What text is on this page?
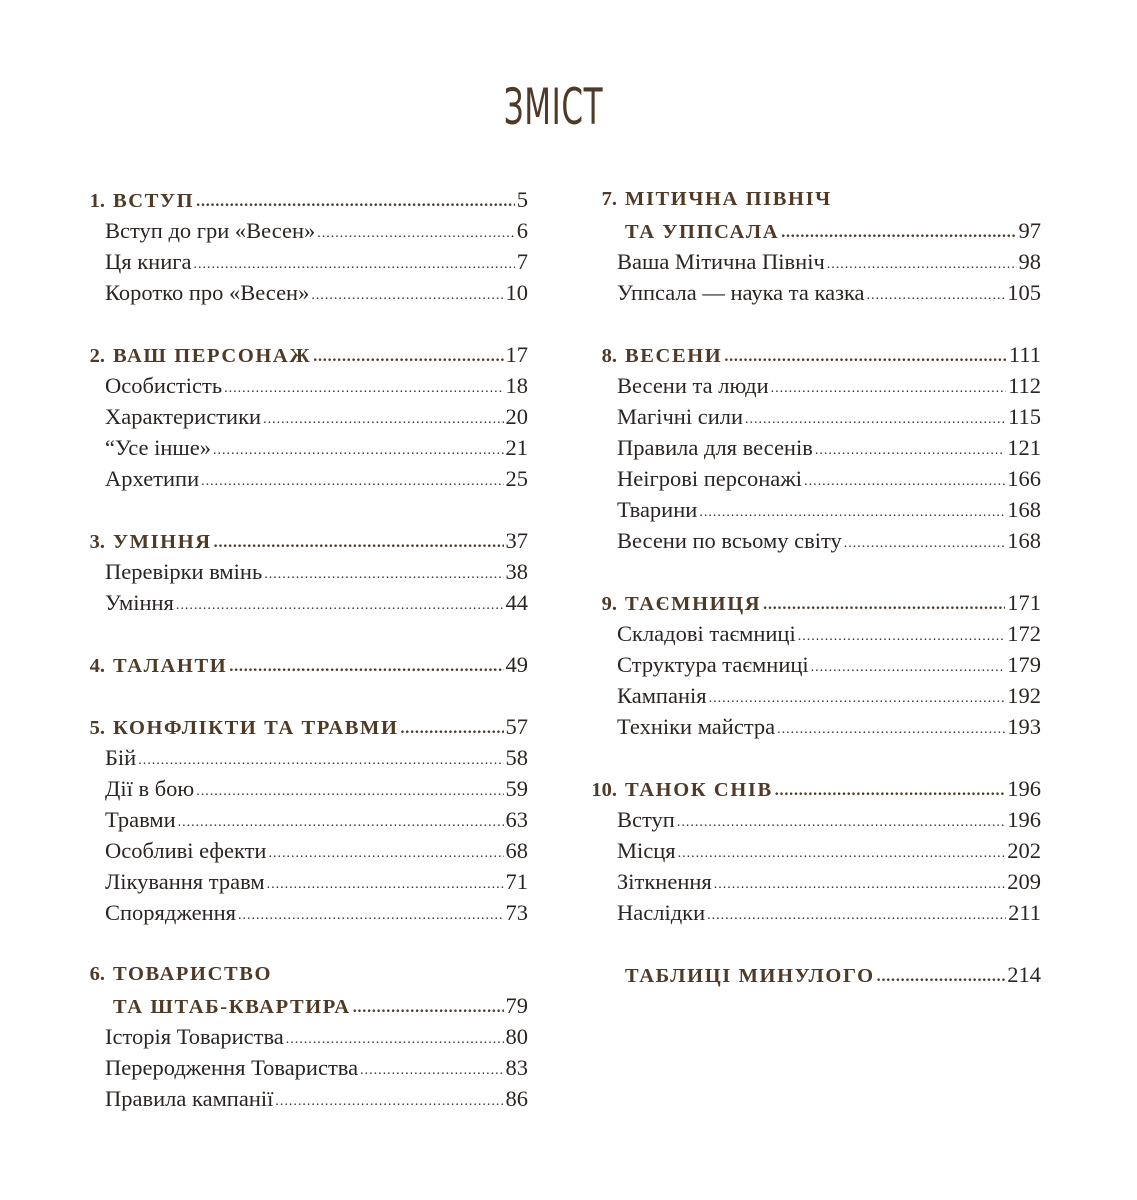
ЗМІСТ
1. ВСТУП .....	5
Вступ до гри «Весен» .....	6
Ця книга .....	7
Коротко про «Весен» .....	10
2. ВАШ ПЕРСОНАЖ .....	17
Особистість .....	18
Характеристики .....	20
“Усе інше» .....	21
Архетипи .....	25
3. УМІННЯ .....	37
Перевірки вмінь .....	38
Уміння .....	44
4. ТАЛАНТИ .....	49
5. КОНФЛІКТИ ТА ТРАВМИ .....	57
Бій .....	58
Дії в бою .....	59
Травми .....	63
Особливі ефекти .....	68
Лікування травм .....	71
Спорядження .....	73
6. ТОВАРИСТВО
ТА ШТАБ-КВАРТИРА .....	79
Історія Товариства .....	80
Переродження Товариства .....	83
Правила кампанії .....	86
7. МІТИЧНА ПІВНІЧ
ТА УППСАЛА .....	97
Ваша Мітична Північ .....	98
Уппсала — наука та казка .....	105
8. ВЕСЕНИ .....	111
Весени та люди .....	112
Магічні сили .....	115
Правила для весенів .....	121
Неігрові персонажі .....	166
Тварини .....	168
Весени по всьому світу .....	168
9. ТАЄМНИЦЯ .....	171
Складові таємниці .....	172
Структура таємниці .....	179
Кампанія .....	192
Техніки майстра .....	193
10. ТАНОК СНІВ .....	196
Вступ .....	196
Місця .....	202
Зіткнення .....	209
Наслідки .....	211
ТАБЛИЦІ МИНУЛОГО .....	214
